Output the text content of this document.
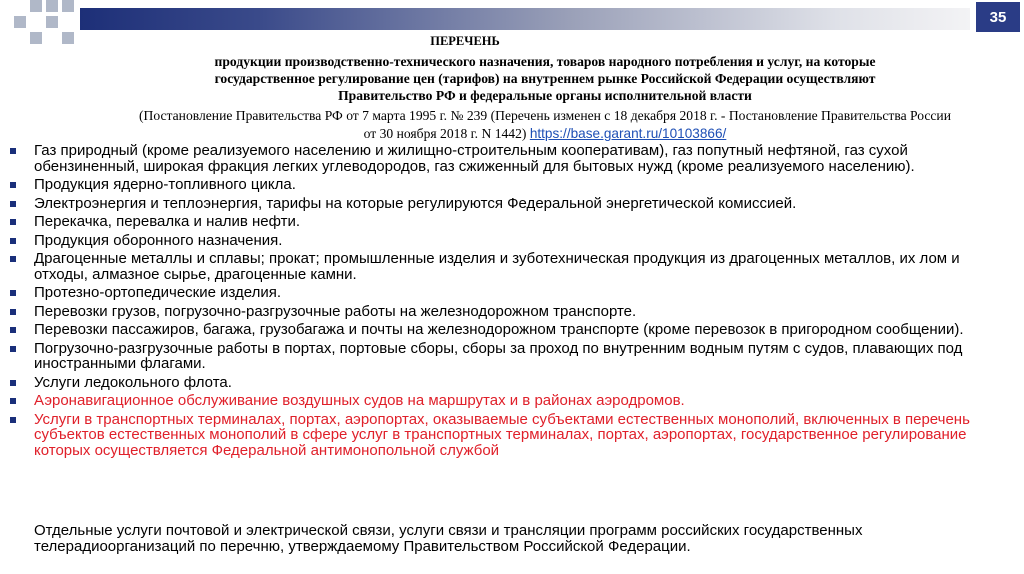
35
ПЕРЕЧЕНЬ
продукции производственно-технического назначения, товаров народного потребления и услуг, на которые
государственное регулирование цен (тарифов) на внутреннем рынке Российской Федерации осуществляют
Правительство РФ и федеральные органы исполнительной власти
(Постановление Правительства РФ от 7 марта 1995 г. № 239 (Перечень изменен с 18 декабря 2018 г. - Постановление Правительства России
от 30 ноября 2018 г. N 1442) https://base.garant.ru/10103866/
Газ природный (кроме реализуемого населению и жилищно-строительным кооперативам), газ попутный нефтяной, газ сухой обензиненный, широкая фракция легких углеводородов, газ сжиженный для бытовых нужд (кроме реализуемого населению).
Продукция ядерно-топливного цикла.
Электроэнергия и теплоэнергия, тарифы на которые регулируются Федеральной энергетической комиссией.
Перекачка, перевалка и налив нефти.
Продукция оборонного назначения.
Драгоценные металлы и сплавы; прокат; промышленные изделия и зуботехническая продукция из драгоценных металлов, их лом и отходы, алмазное сырье, драгоценные камни.
Протезно-ортопедические изделия.
Перевозки грузов, погрузочно-разгрузочные работы на железнодорожном транспорте.
Перевозки пассажиров, багажа, грузобагажа и почты на железнодорожном транспорте (кроме перевозок в пригородном сообщении).
Погрузочно-разгрузочные работы в портах, портовые сборы, сборы за проход по внутренним водным путям с судов, плавающих под иностранными флагами.
Услуги ледокольного флота.
Аэронавигационное обслуживание воздушных судов на маршрутах и в районах аэродромов.
Услуги в транспортных терминалах, портах, аэропортах, оказываемые субъектами естественных монополий, включенных в перечень субъектов естественных монополий в сфере услуг в транспортных терминалах, портах, аэропортах, государственное регулирование которых осуществляется Федеральной антимонопольной службой
Отдельные услуги почтовой и электрической связи, услуги связи и трансляции программ российских государственных телерадиоорганизаций по перечню, утверждаемому Правительством Российской Федерации.
